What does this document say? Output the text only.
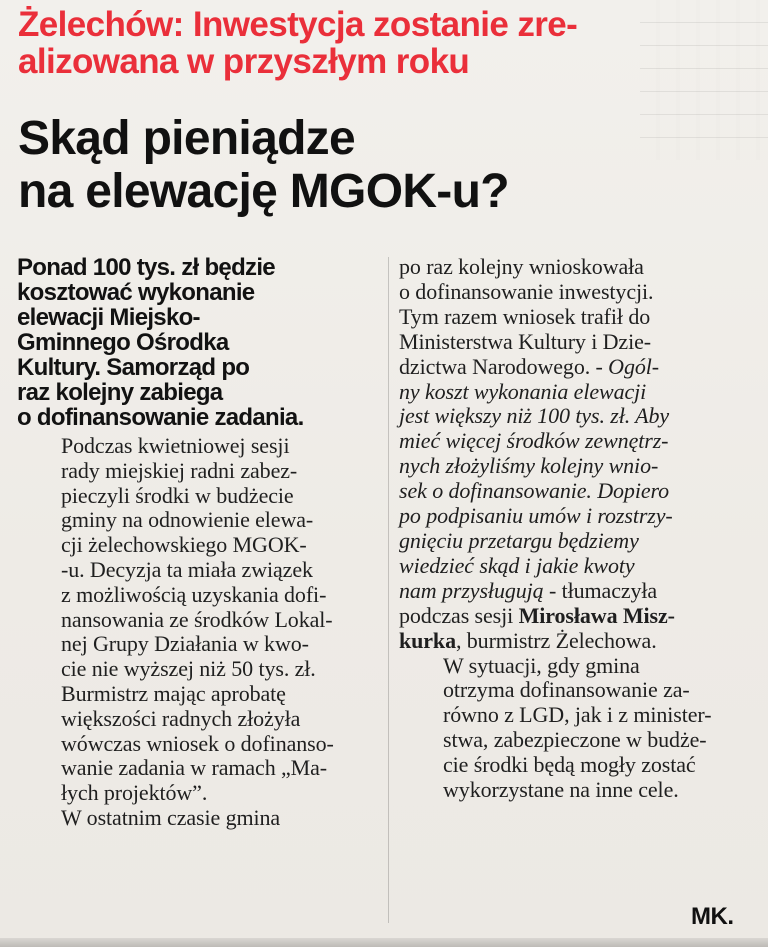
Żelechów: Inwestycja zostanie zre-
alizowana w przyszłym roku
Skąd pieniądze
na elewację MGOK-u?

Ponad 100 tys. zł będzie
kosztować wykonanie
elewacji Miejsko-
Gminnego Ośrodka
Kultury. Samorząd po
raz kolejny zabiega
o dofinansowanie zadania.

Podczas kwietniowej sesji
rady miejskiej radni zabez-
pieczyli środki w budżecie
gminy na odnowienie elewa-
cji żelechowskiego MGOK-
-u. Decyzja ta miała związek
z możliwością uzyskania dofi-
nansowania ze środków Lokal-
nej Grupy Działania w kwo-
cie nie wyższej niż 50 tys. zł.
Burmistrz mając aprobatę
większości radnych złożyła
wówczas wniosek o dofinanso-
wanie zadania w ramach „Ma-
łych projektów”.

W ostatnim czasie gmina

po raz kolejny wnioskowała
o dofinansowanie inwestycji.
Tym razem wniosek trafił do
Ministerstwa Kultury i Dzie-
dzictwa Narodowego. - Ogól-
ny koszt wykonania elewacji
jest większy niż 100 tys. zł. Aby
mieć więcej środków zewnętrz-
nych złożyliśmy kolejny wnio-
sek o dofinansowanie. Dopiero
po podpisaniu umów i rozstrzy-
gnięciu przetargu będziemy
wiedzieć skąd i jakie kwoty
nam przysługują - tłumaczyła
podczas sesji Mirosława Misz-
kurka, burmistrz Żelechowa.

W sytuacji, gdy gmina
otrzyma dofinansowanie za-
równo z LGD, jak i z minister-
stwa, zabezpieczone w budże-
cie środki będą mogły zostać
wykorzystane na inne cele.

MK.
